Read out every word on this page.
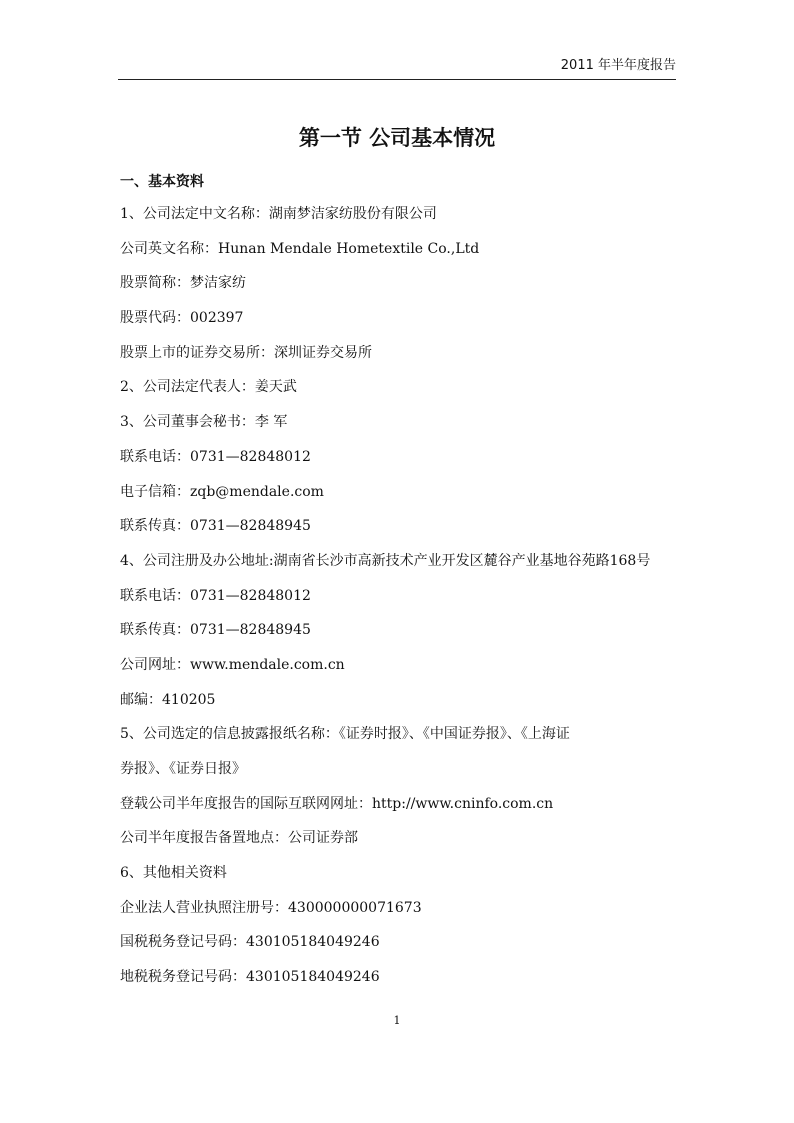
2011 年半年度报告
第一节 公司基本情况
一、基本资料
1、公司法定中文名称：湖南梦洁家纺股份有限公司
公司英文名称：Hunan Mendale Hometextile Co.,Ltd
股票简称：梦洁家纺
股票代码：002397
股票上市的证券交易所：深圳证券交易所
2、公司法定代表人：姜天武
3、公司董事会秘书：李 军
联系电话：0731—82848012
电子信箱：zqb@mendale.com
联系传真：0731—82848945
4、公司注册及办公地址:湖南省长沙市高新技术产业开发区麓谷产业基地谷苑路168号
联系电话：0731—82848012
联系传真：0731—82848945
公司网址：www.mendale.com.cn
邮编：410205
5、公司选定的信息披露报纸名称：《证券时报》、《中国证券报》、《上海证
券报》、《证券日报》
登载公司半年度报告的国际互联网网址：http://www.cninfo.com.cn
公司半年度报告备置地点：公司证券部
6、其他相关资料
企业法人营业执照注册号：430000000071673
国税税务登记号码：430105184049246
地税税务登记号码：430105184049246
1
